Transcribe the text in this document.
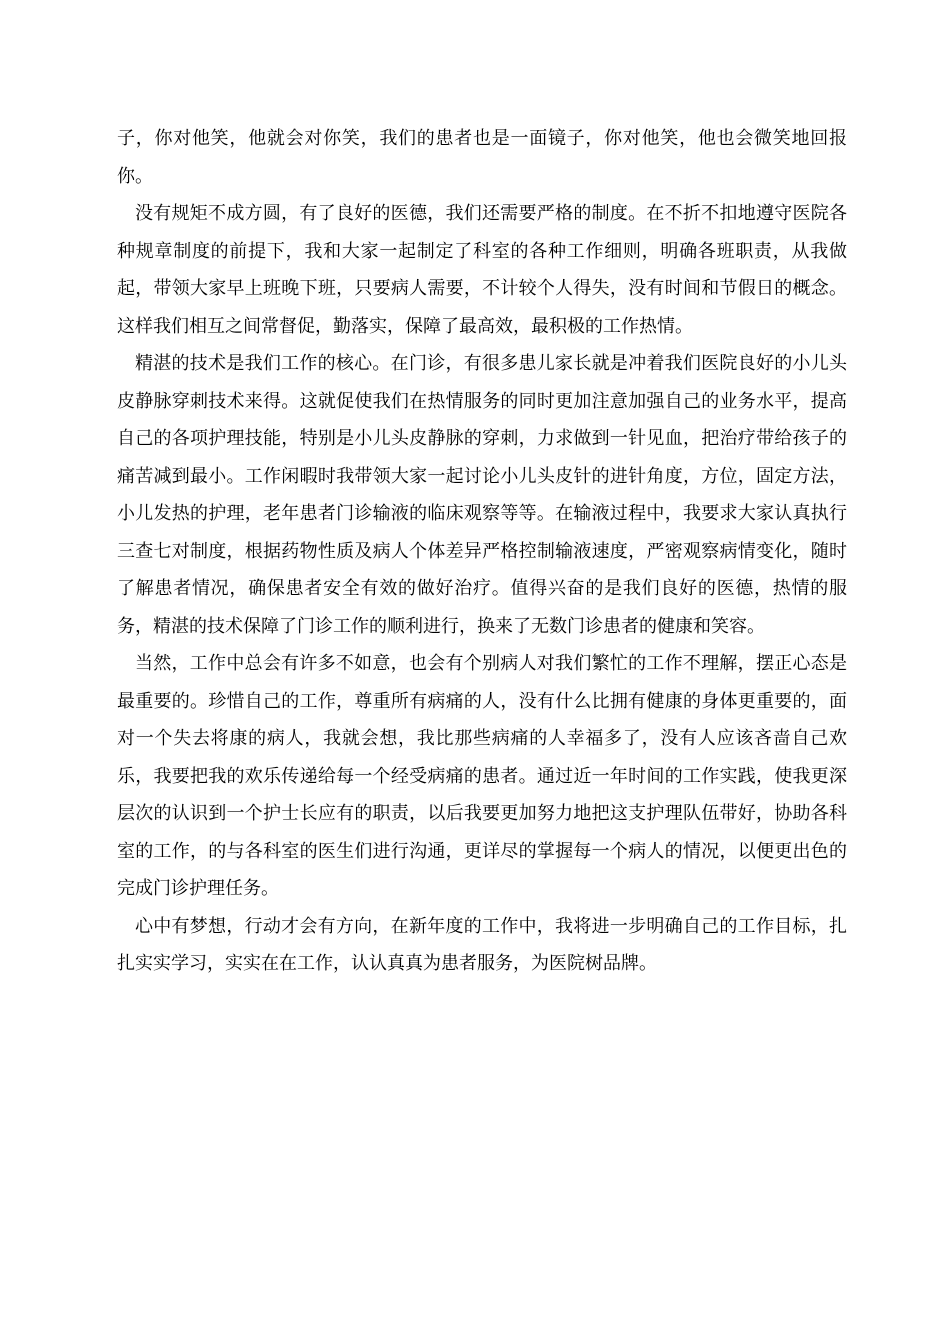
子，你对他笑，他就会对你笑，我们的患者也是一面镜子，你对他笑，他也会微笑地回报你。

没有规矩不成方圆，有了良好的医德，我们还需要严格的制度。在不折不扣地遵守医院各种规章制度的前提下，我和大家一起制定了科室的各种工作细则，明确各班职责，从我做起，带领大家早上班晚下班，只要病人需要，不计较个人得失，没有时间和节假日的概念。这样我们相互之间常督促，勤落实，保障了最高效，最积极的工作热情。

精湛的技术是我们工作的核心。在门诊，有很多患儿家长就是冲着我们医院良好的小儿头皮静脉穿刺技术来得。这就促使我们在热情服务的同时更加注意加强自己的业务水平，提高自己的各项护理技能，特别是小儿头皮静脉的穿刺，力求做到一针见血，把治疗带给孩子的痛苦减到最小。工作闲暇时我带领大家一起讨论小儿头皮针的进针角度，方位，固定方法，小儿发热的护理，老年患者门诊输液的临床观察等等。在输液过程中，我要求大家认真执行三查七对制度，根据药物性质及病人个体差异严格控制输液速度，严密观察病情变化，随时了解患者情况，确保患者安全有效的做好治疗。值得兴奋的是我们良好的医德，热情的服务，精湛的技术保障了门诊工作的顺利进行，换来了无数门诊患者的健康和笑容。

当然，工作中总会有许多不如意，也会有个别病人对我们繁忙的工作不理解，摆正心态是最重要的。珍惜自己的工作，尊重所有病痛的人，没有什么比拥有健康的身体更重要的，面对一个失去将康的病人，我就会想，我比那些病痛的人幸福多了，没有人应该吝啬自己欢乐，我要把我的欢乐传递给每一个经受病痛的患者。通过近一年时间的工作实践，使我更深层次的认识到一个护士长应有的职责，以后我要更加努力地把这支护理队伍带好，协助各科室的工作，的与各科室的医生们进行沟通，更详尽的掌握每一个病人的情况，以便更出色的完成门诊护理任务。

心中有梦想，行动才会有方向，在新年度的工作中，我将进一步明确自己的工作目标，扎扎实实学习，实实在在工作，认认真真为患者服务，为医院树品牌。
